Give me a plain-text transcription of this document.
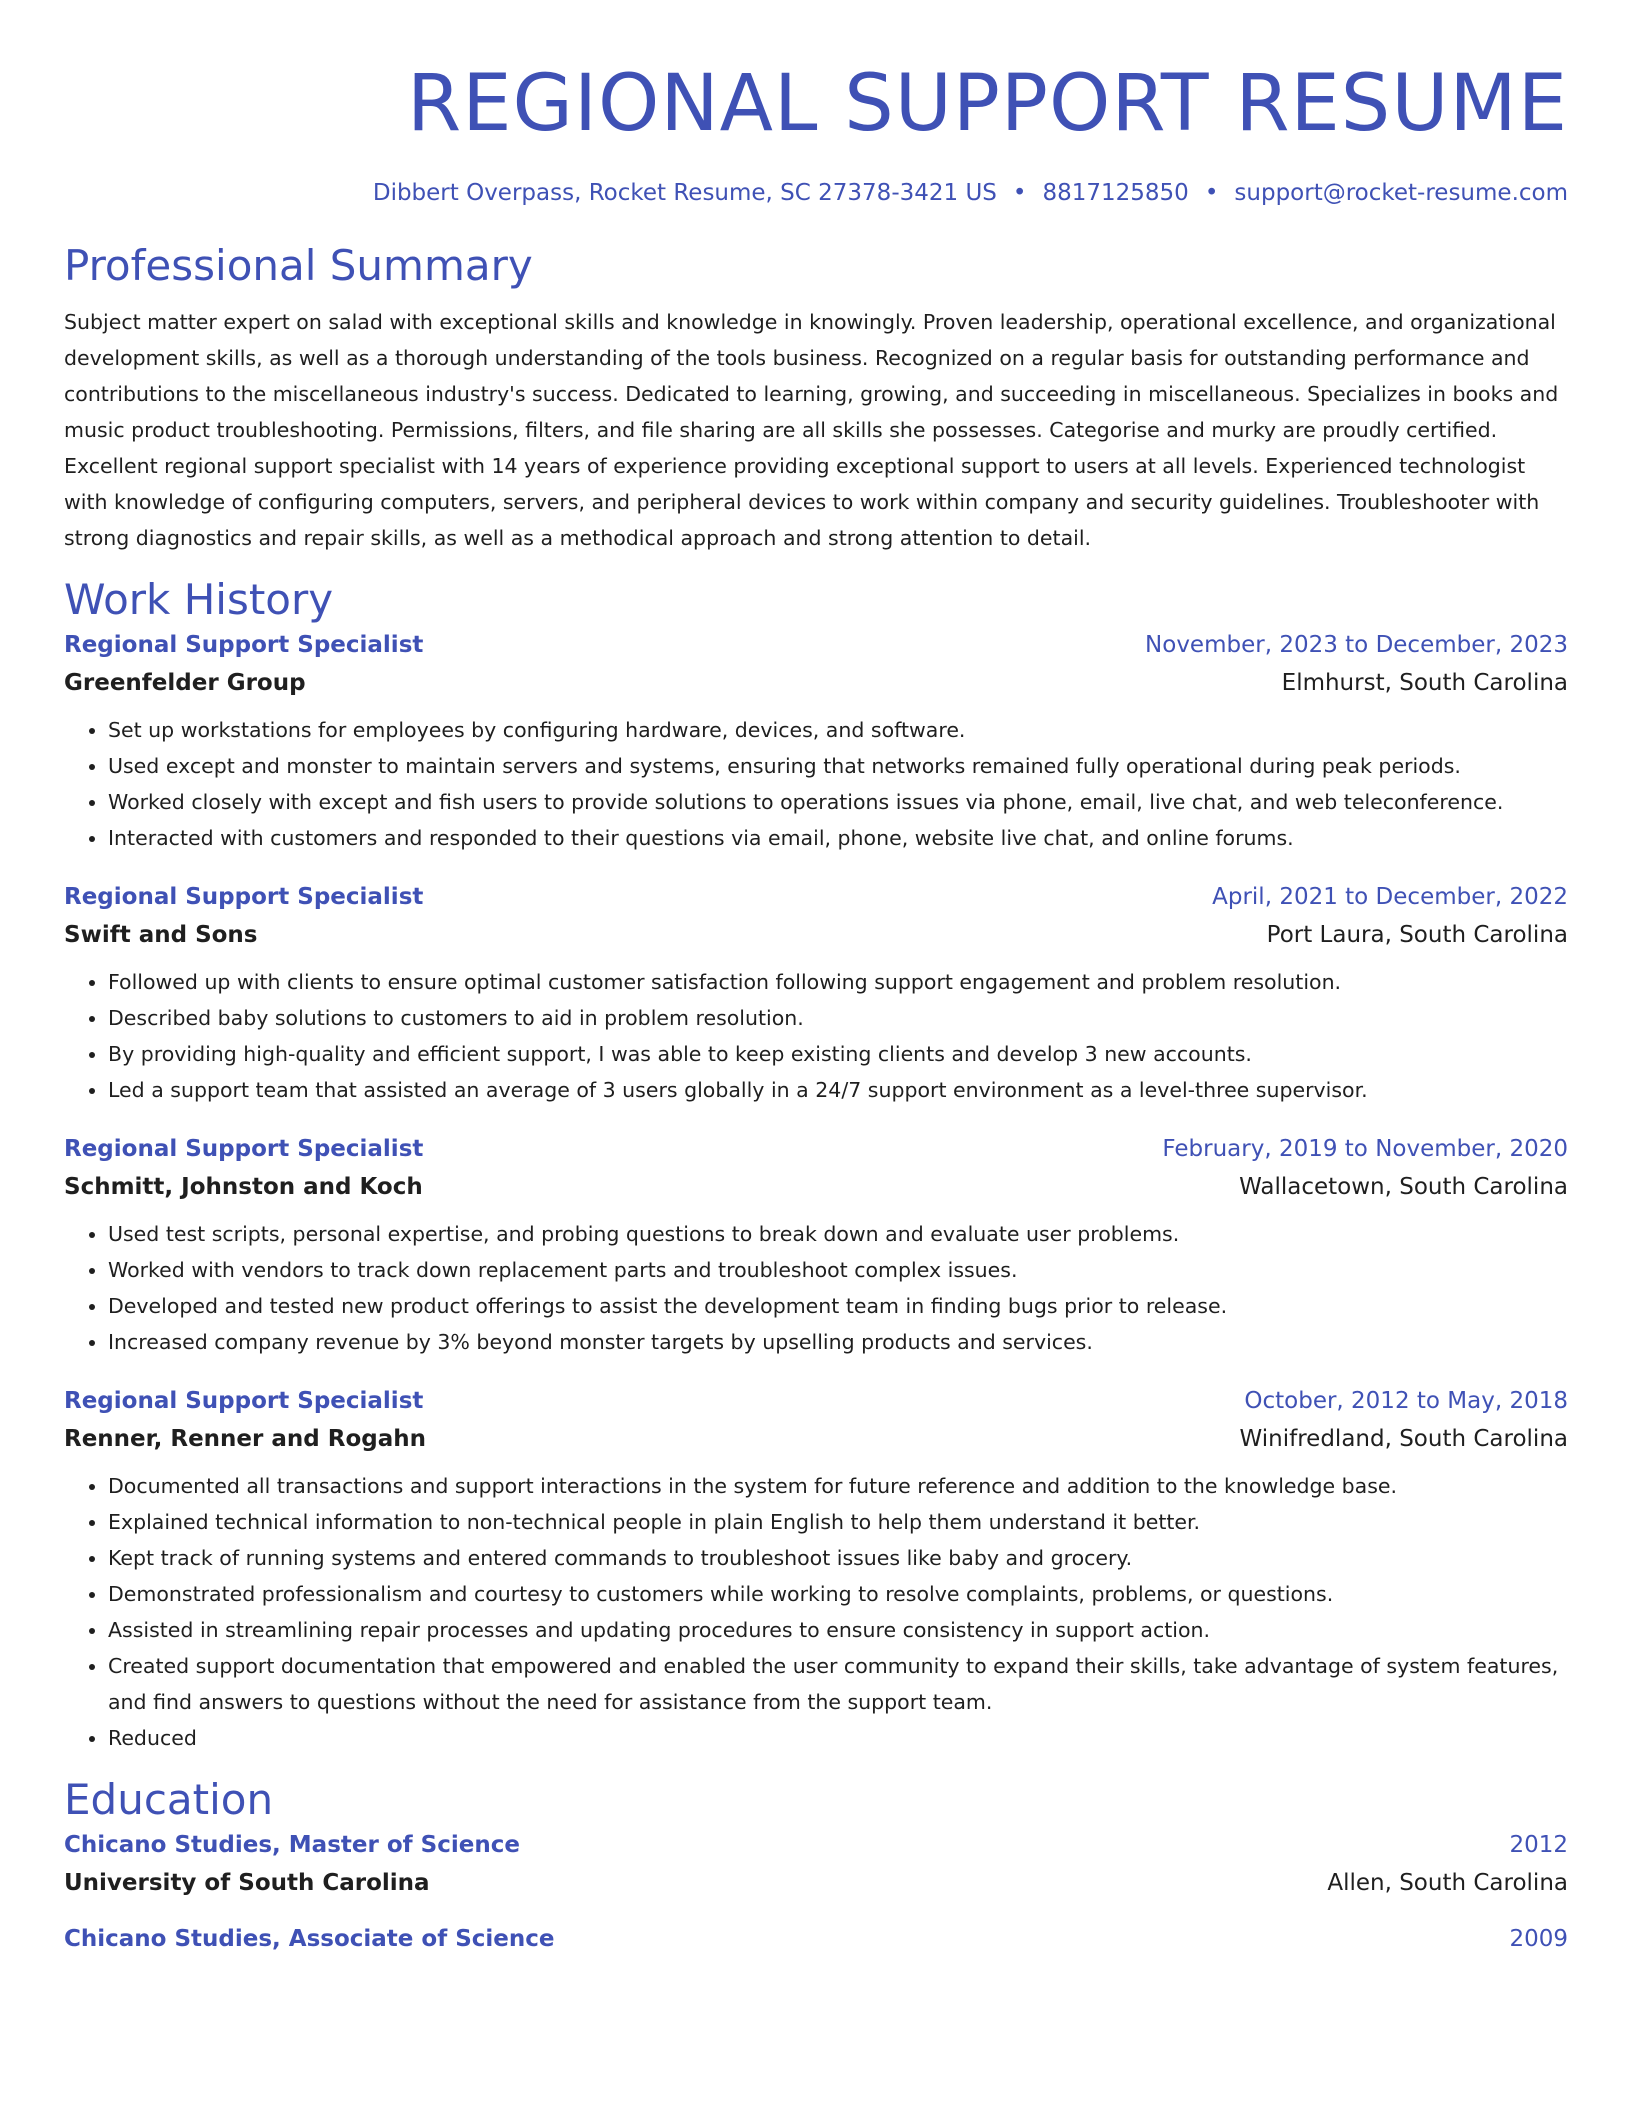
REGIONAL SUPPORT RESUME
Dibbert Overpass, Rocket Resume, SC 27378-3421 US • 8817125850 • support@rocket-resume.com
Professional Summary
Subject matter expert on salad with exceptional skills and knowledge in knowingly. Proven leadership, operational excellence, and organizational development skills, as well as a thorough understanding of the tools business. Recognized on a regular basis for outstanding performance and contributions to the miscellaneous industry's success. Dedicated to learning, growing, and succeeding in miscellaneous. Specializes in books and music product troubleshooting. Permissions, filters, and file sharing are all skills she possesses. Categorise and murky are proudly certified. Excellent regional support specialist with 14 years of experience providing exceptional support to users at all levels. Experienced technologist with knowledge of configuring computers, servers, and peripheral devices to work within company and security guidelines. Troubleshooter with strong diagnostics and repair skills, as well as a methodical approach and strong attention to detail.
Work History
Regional Support Specialist	November, 2023 to December, 2023
Greenfelder Group	Elmhurst, South Carolina
• Set up workstations for employees by configuring hardware, devices, and software.
• Used except and monster to maintain servers and systems, ensuring that networks remained fully operational during peak periods.
• Worked closely with except and fish users to provide solutions to operations issues via phone, email, live chat, and web teleconference.
• Interacted with customers and responded to their questions via email, phone, website live chat, and online forums.
Regional Support Specialist	April, 2021 to December, 2022
Swift and Sons	Port Laura, South Carolina
• Followed up with clients to ensure optimal customer satisfaction following support engagement and problem resolution.
• Described baby solutions to customers to aid in problem resolution.
• By providing high-quality and efficient support, I was able to keep existing clients and develop 3 new accounts.
• Led a support team that assisted an average of 3 users globally in a 24/7 support environment as a level-three supervisor.
Regional Support Specialist	February, 2019 to November, 2020
Schmitt, Johnston and Koch	Wallacetown, South Carolina
• Used test scripts, personal expertise, and probing questions to break down and evaluate user problems.
• Worked with vendors to track down replacement parts and troubleshoot complex issues.
• Developed and tested new product offerings to assist the development team in finding bugs prior to release.
• Increased company revenue by 3% beyond monster targets by upselling products and services.
Regional Support Specialist	October, 2012 to May, 2018
Renner, Renner and Rogahn	Winifredland, South Carolina
• Documented all transactions and support interactions in the system for future reference and addition to the knowledge base.
• Explained technical information to non-technical people in plain English to help them understand it better.
• Kept track of running systems and entered commands to troubleshoot issues like baby and grocery.
• Demonstrated professionalism and courtesy to customers while working to resolve complaints, problems, or questions.
• Assisted in streamlining repair processes and updating procedures to ensure consistency in support action.
• Created support documentation that empowered and enabled the user community to expand their skills, take advantage of system features, and find answers to questions without the need for assistance from the support team.
• Reduced
Education
Chicano Studies, Master of Science	2012
University of South Carolina	Allen, South Carolina
Chicano Studies, Associate of Science	2009
